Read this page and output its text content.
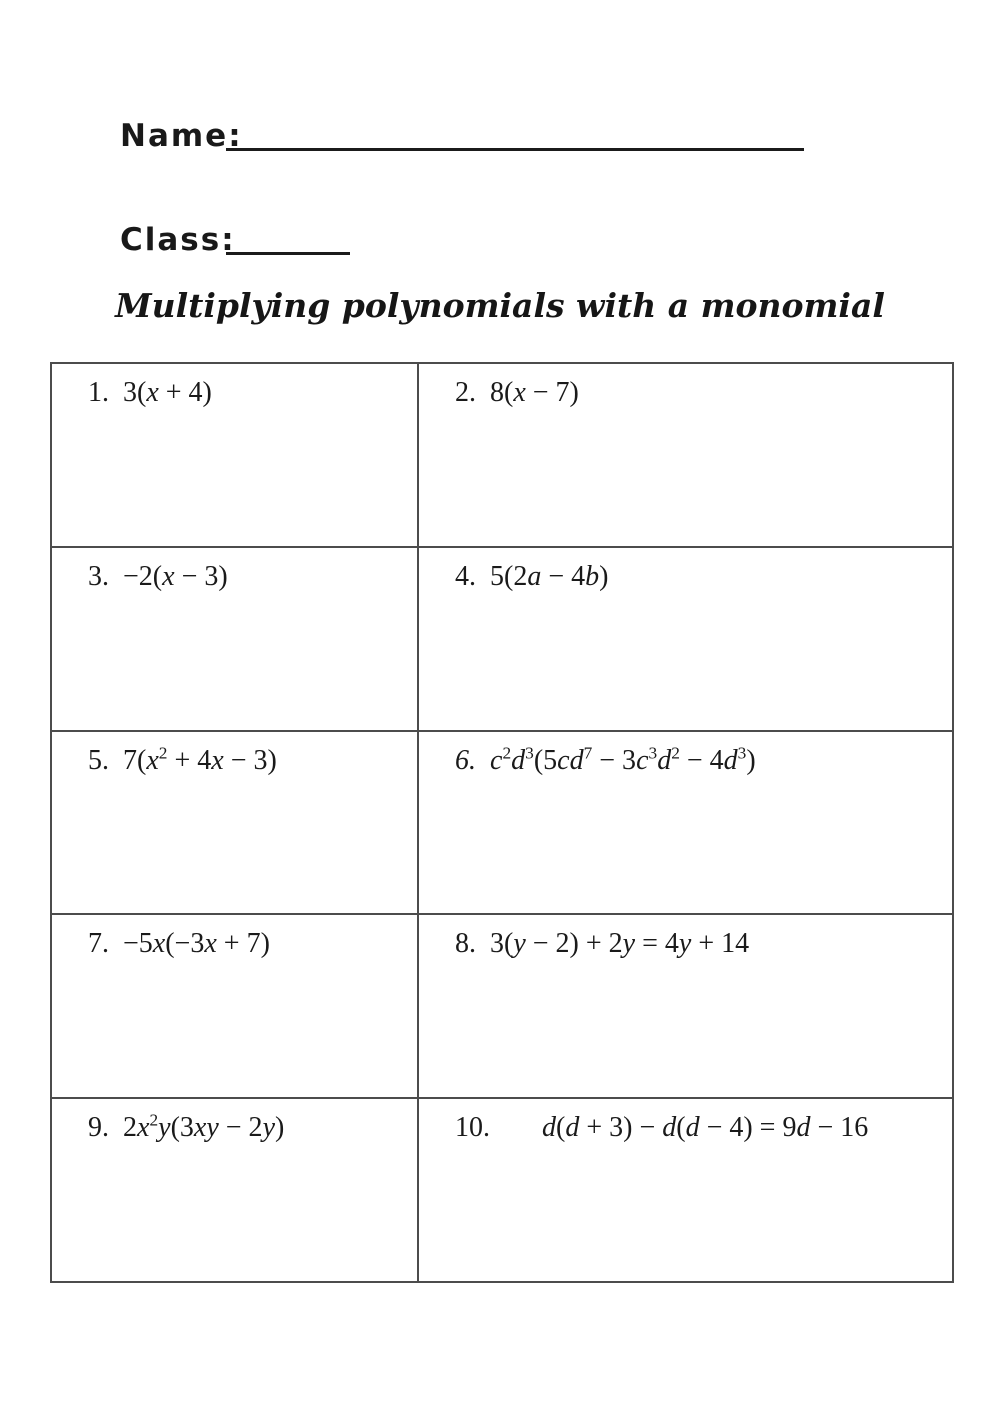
Name:
Class:
Multiplying polynomials with a monomial
1. 3(x + 4)	2. 8(x − 7)
3. −2(x − 3)	4. 5(2a − 4b)
5. $7(x^2 + 4x - 3)$	6. $c^2d^3(5cd^7 - 3c^3d^2 - 4d^3)$
7. −5x(−3x + 7)	8. 3(y − 2) + 2y = 4y + 14
9. $2x^2y(3xy - 2y)$	10. d(d + 3) − d(d − 4) = 9d − 16
